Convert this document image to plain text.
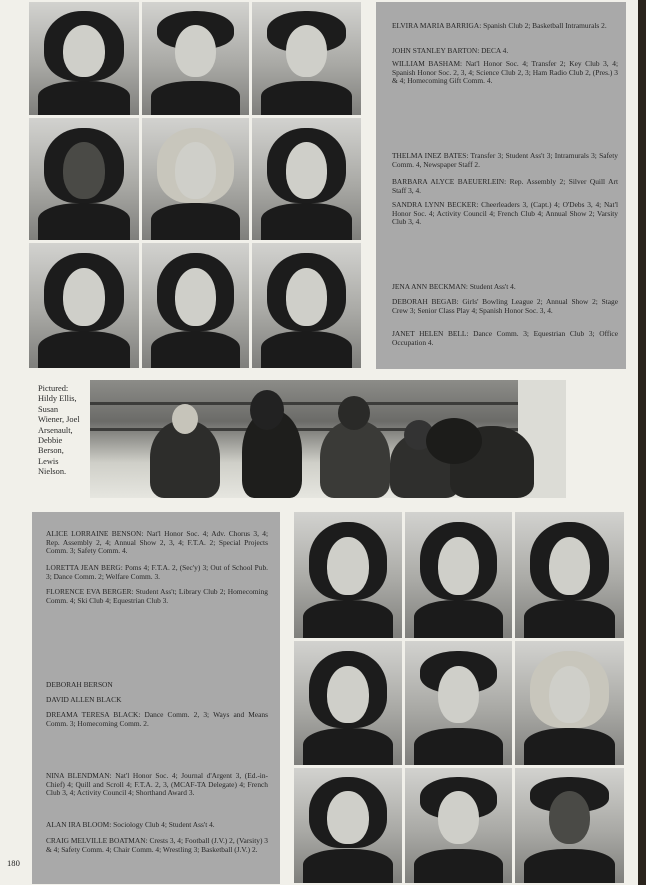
ELVIRA MARIA BARRIGA: Spanish Club 2; Basketball Intramurals 2.

JOHN STANLEY BARTON: DECA 4.

WILLIAM BASHAM: Nat'l Honor Soc. 4; Transfer 2; Key Club 3, 4; Spanish Honor Soc. 2, 3, 4; Science Club 2, 3; Ham Radio Club 2, (Pres.) 3 & 4; Homecoming Gift Comm. 4.

THELMA INEZ BATES: Transfer 3; Student Ass't 3; Intramurals 3; Safety Comm. 4, Newspaper Staff 2.

BARBARA ALYCE BAEUERLEIN: Rep. Assembly 2; Silver Quill Art Staff 3, 4.

SANDRA LYNN BECKER: Cheerleaders 3, (Capt.) 4; O'Debs 3, 4; Nat'l Honor Soc. 4; Activity Council 4; French Club 4; Annual Show 2; Varsity Club 3, 4.

JENA ANN BECKMAN: Student Ass't 4.

DEBORAH BEGAB: Girls' Bowling League 2; Annual Show 2; Stage Crew 3; Senior Class Play 4; Spanish Honor Soc. 3, 4.

JANET HELEN BELL: Dance Comm. 3; Equestrian Club 3; Office Occupation 4.

Pictured: Hildy Ellis, Susan Wiener, Joel Arsenault, Debbie Berson, Lewis Nielson.

ALICE LORRAINE BENSON: Nat'l Honor Soc. 4; Adv. Chorus 3, 4; Rep. Assembly 2, 4; Annual Show 2, 3, 4; F.T.A. 2; Special Projects Comm. 3; Safety Comm. 4.

LORETTA JEAN BERG: Poms 4; F.T.A. 2, (Sec'y) 3; Out of School Pub. 3; Dance Comm. 2; Welfare Comm. 3.

FLORENCE EVA BERGER: Student Ass't; Library Club 2; Homecoming Comm. 4; Ski Club 4; Equestrian Club 3.

DEBORAH BERSON

DAVID ALLEN BLACK

DREAMA TERESA BLACK: Dance Comm. 2, 3; Ways and Means Comm. 3; Homecoming Comm. 2.

NINA BLENDMAN: Nat'l Honor Soc. 4; Journal d'Argent 3, (Ed.-in-Chief) 4; Quill and Scroll 4; F.T.A. 2, 3, (MCAF-TA Delegate) 4; French Club 3, 4; Activity Council 4; Shorthand Award 3.

ALAN IRA BLOOM: Sociology Club 4; Student Ass't 4.

CRAIG MELVILLE BOATMAN: Crests 3, 4; Football (J.V.) 2, (Varsity) 3 & 4; Safety Comm. 4; Chair Comm. 4; Wrestling 3; Basketball (J.V.) 2.

180
